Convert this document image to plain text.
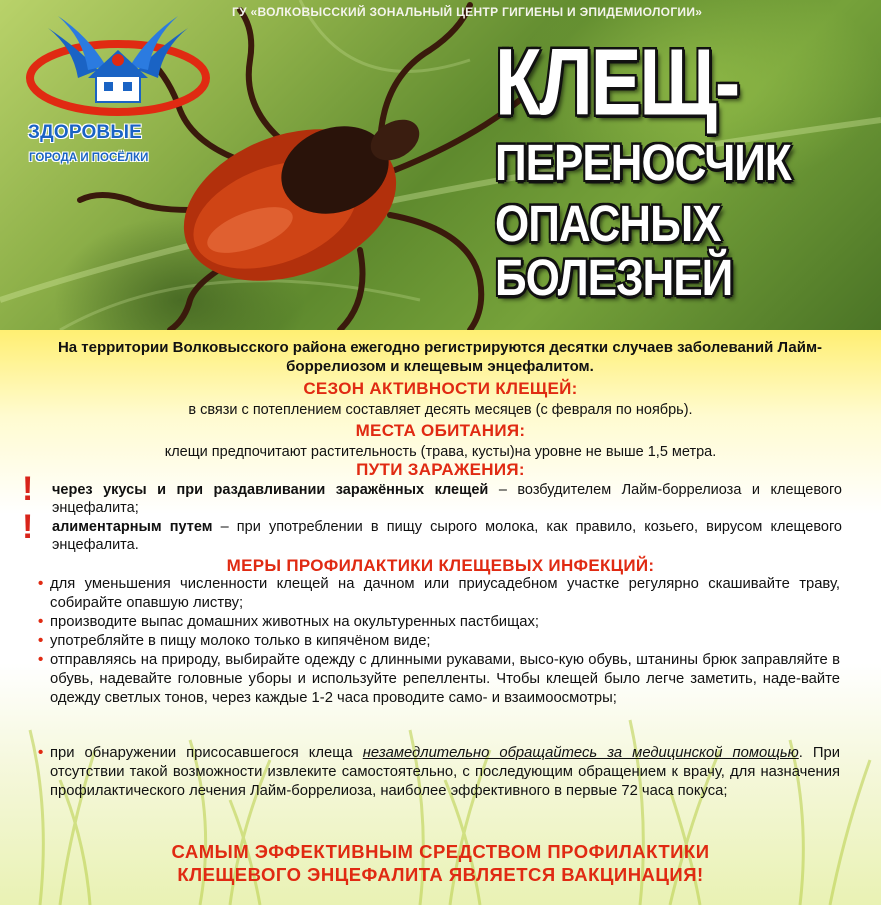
ЗДОРОВЫЕ
ГОРОДА И ПОСЁЛКИ
ГУ «ВОЛКОВЫССКИЙ ЗОНАЛЬНЫЙ ЦЕНТР ГИГИЕНЫ И ЭПИДЕМИОЛОГИИ»
КЛЕЩ-
ПЕРЕНОСЧИК
ОПАСНЫХ
БОЛЕЗНЕЙ
На территории Волковысского района ежегодно регистрируются десятки случаев заболеваний Лайм-боррелиозом и клещевым энцефалитом.
СЕЗОН АКТИВНОСТИ КЛЕЩЕЙ:
в связи с потеплением составляет десять месяцев (с февраля по ноябрь).
МЕСТА ОБИТАНИЯ:
клещи предпочитают растительность (трава, кусты)на уровне не выше 1,5 метра.
ПУТИ ЗАРАЖЕНИЯ:
!
!
через укусы и при раздавливании заражённых клещей – возбудителем Лайм-боррелиоза и клещевого энцефалита;
алиментарным путем – при употреблении в пищу сырого молока, как правило, козьего, вирусом клещевого энцефалита.
МЕРЫ ПРОФИЛАКТИКИ КЛЕЩЕВЫХ ИНФЕКЦИЙ:
• для уменьшения численности клещей на дачном или приусадебном участке регулярно скашивайте траву, собирайте опавшую листву;
• производите выпас домашних животных на окультуренных пастбищах;
• употребляйте в пищу молоко только в кипячёном виде;
• отправляясь на природу, выбирайте одежду с длинными рукавами, высо-кую обувь, штанины брюк заправляйте в обувь, надевайте головные уборы и используйте репелленты. Чтобы клещей было легче заметить, наде-вайте одежду светлых тонов, через каждые 1-2 часа проводите само- и взаимоосмотры;
• при обнаружении присосавшегося клеща незамедлительно обращайтесь за медицинской помощью. При отсутствии такой возможности извлеките самостоятельно, с последующим обращением к врачу, для назначения профилактического лечения Лайм-боррелиоза, наиболее эффективного в первые 72 часа покуса;
САМЫМ ЭФФЕКТИВНЫМ СРЕДСТВОМ ПРОФИЛАКТИКИ
КЛЕЩЕВОГО ЭНЦЕФАЛИТА ЯВЛЯЕТСЯ ВАКЦИНАЦИЯ!
